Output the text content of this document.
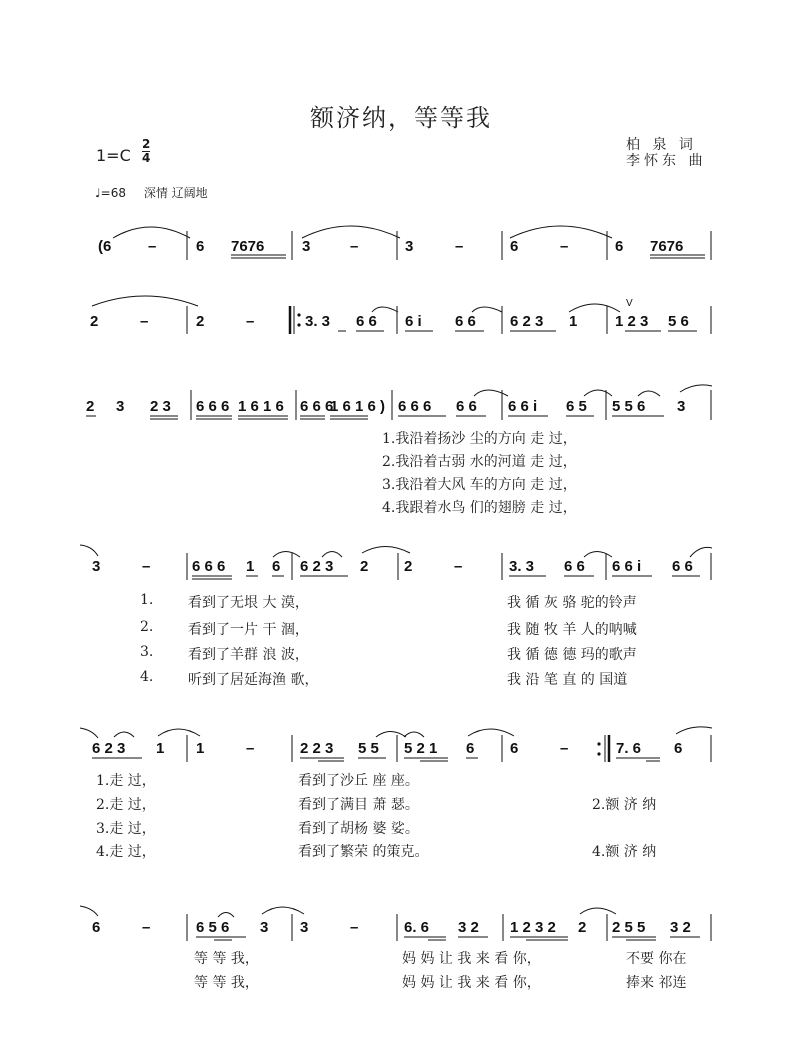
额济纳，等等我
1=C
2
4
柏 泉 词
李怀东 曲
♩=68 深情 辽阔地
(6 –	6 7676	3	–	3	–	6	–	6 7676
2	–	2	–	3. 3 6 6 6 i 6 6 6 2 3 1
V
1 2 3 5 6
2 3 2 3 6 6 6 1 6 1 6 6 6 6
1 6 1 6 ) 6 6 6 6 6 6 6 i 6 5 5 5 6 3
3	–	6 6 6 1 6 6 2 3 2 2	–	3. 3 6 6 6 6 i 6 6
6 2 3 1 1	–	2 2 3 5 5 5 2 1 6 6	–	7. 6 6
6	–	6 5 6 3 3	–	6. 6 3 2 1 2 3 2 2 2 5 5 3 2
1.我沿着扬沙 尘的方向 走 过，
2.我沿着古弱 水的河道 走 过，
3.我沿着大风 车的方向 走 过，
4.我跟着水鸟 们的翅膀 走 过，
1. 看到了无垠 大 漠，	我 循 灰 骆 驼的铃声
2. 看到了一片 干 涸，	我 随 牧 羊 人的呐喊
3. 看到了羊群 浪 波，	我 循 德 德 玛的歌声
4. 听到了居延海渔 歌，	我 沿 笔 直 的 国道
1.走 过，	看到了沙丘 座 座。
2.走 过，	看到了满目 萧 瑟。	2.额 济 纳
3.走 过，	看到了胡杨 婆 娑。
4.走 过，	看到了繁荣 的策克。	4.额 济 纳
等 等 我，	妈 妈 让 我 来 看 你，	不要 你在
等 等 我，	妈 妈 让 我 来 看 你，	捧来 祁连
